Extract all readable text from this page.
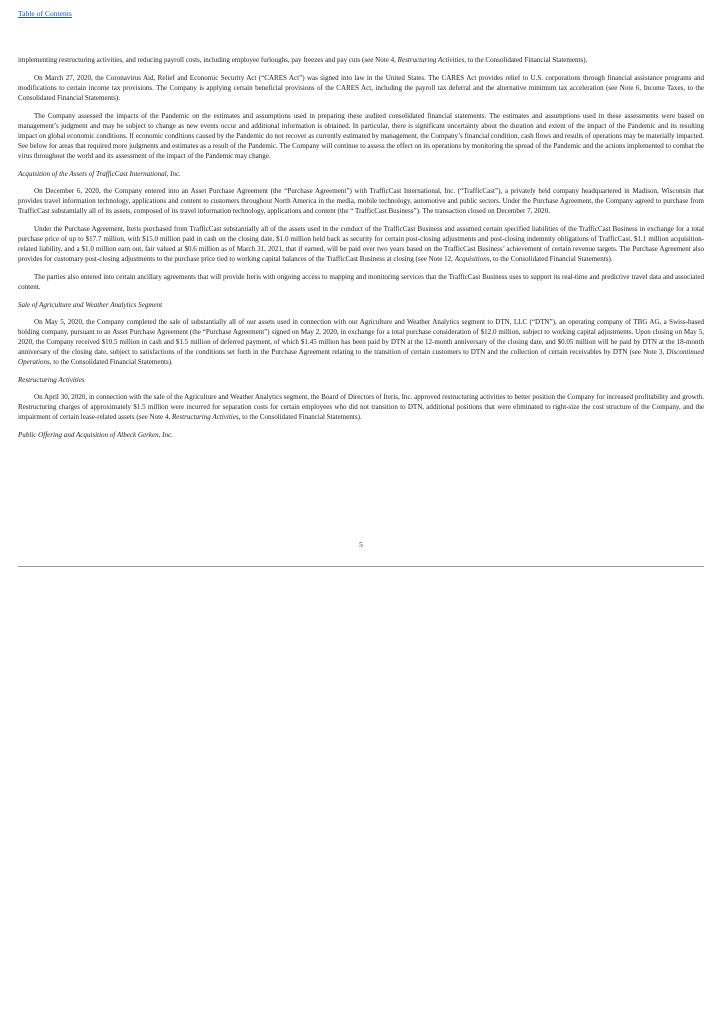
Table of Contents

implementing restructuring activities, and reducing payroll costs, including employee furloughs, pay freezes and pay cuts (see Note 4, Restructuring Activities, to the Consolidated Financial Statements).

On March 27, 2020, the Coronavirus Aid, Relief and Economic Security Act (“CARES Act”) was signed into law in the United States. The CARES Act provides relief to U.S. corporations through financial assistance programs and modifications to certain income tax provisions. The Company is applying certain beneficial provisions of the CARES Act, including the payroll tax deferral and the alternative minimum tax acceleration (see Note 6, Income Taxes, to the Consolidated Financial Statements).

The Company assessed the impacts of the Pandemic on the estimates and assumptions used in preparing these audited consolidated financial statements. The estimates and assumptions used in these assessments were based on management’s judgment and may be subject to change as new events occur and additional information is obtained. In particular, there is significant uncertainty about the duration and extent of the impact of the Pandemic and its resulting impact on global economic conditions. If economic conditions caused by the Pandemic do not recover as currently estimated by management, the Company’s financial condition, cash flows and results of operations may be materially impacted. See below for areas that required more judgments and estimates as a result of the Pandemic. The Company will continue to assess the effect on its operations by monitoring the spread of the Pandemic and the actions implemented to combat the virus throughout the world and its assessment of the impact of the Pandemic may change.

Acquisition of the Assets of TrafficCast International, Inc.

On December 6, 2020, the Company entered into an Asset Purchase Agreement (the “Purchase Agreement”) with TrafficCast International, Inc. (“TrafficCast”), a privately held company headquartered in Madison, Wisconsin that provides travel information technology, applications and content to customers throughout North America in the media, mobile technology, automotive and public sectors. Under the Purchase Agreement, the Company agreed to purchase from TrafficCast substantially all of its assets, composed of its travel information technology, applications and content (the “ TrafficCast Business”). The transaction closed on December 7, 2020.

Under the Purchase Agreement, Iteris purchased from TrafficCast substantially all of the assets used in the conduct of the TrafficCast Business and assumed certain specified liabilities of the TrafficCast Business in exchange for a total purchase price of up to $17.7 million, with $15.0 million paid in cash on the closing date, $1.0 million held back as security for certain post-closing adjustments and post-closing indemnity obligations of TrafficCast, $1.1 million acquisition-related liability, and a $1.0 million earn out, fair valued at $0.6 million as of March 31, 2021, that if earned, will be paid over two years based on the TrafficCast Business’ achievement of certain revenue targets. The Purchase Agreement also provides for customary post-closing adjustments to the purchase price tied to working capital balances of the TrafficCast Business at closing (see Note 12, Acquisitions, to the Consolidated Financial Statements).

The parties also entered into certain ancillary agreements that will provide Iteris with ongoing access to mapping and monitoring services that the TrafficCast Business uses to support its real-time and predictive travel data and associated content.

Sale of Agriculture and Weather Analytics Segment

On May 5, 2020, the Company completed the sale of substantially all of our assets used in connection with our Agriculture and Weather Analytics segment to DTN, LLC (“DTN”), an operating company of TBG AG, a Swiss-based holding company, pursuant to an Asset Purchase Agreement (the “Purchase Agreement”) signed on May 2, 2020, in exchange for a total purchase consideration of $12.0 million, subject to working capital adjustments. Upon closing on May 5, 2020, the Company received $10.5 million in cash and $1.5 million of deferred payment, of which $1.45 million has been paid by DTN at the 12-month anniversary of the closing date, and $0.05 million will be paid by DTN at the 18-month anniversary of the closing date, subject to satisfactions of the conditions set forth in the Purchase Agreement relating to the transition of certain customers to DTN and the collection of certain receivables by DTN (see Note 3, Discontinued Operations, to the Consolidated Financial Statements).

Restructuring Activities

On April 30, 2020, in connection with the sale of the Agriculture and Weather Analytics segment, the Board of Directors of Iteris, Inc. approved restructuring activities to better position the Company for increased profitability and growth. Restructuring charges of approximately $1.5 million were incurred for separation costs for certain employees who did not transition to DTN, additional positions that were eliminated to right-size the cost structure of the Company, and the impairment of certain lease-related assets (see Note 4, Restructuring Activities, to the Consolidated Financial Statements).

Public Offering and Acquisition of Albeck Gerken, Inc.

5
